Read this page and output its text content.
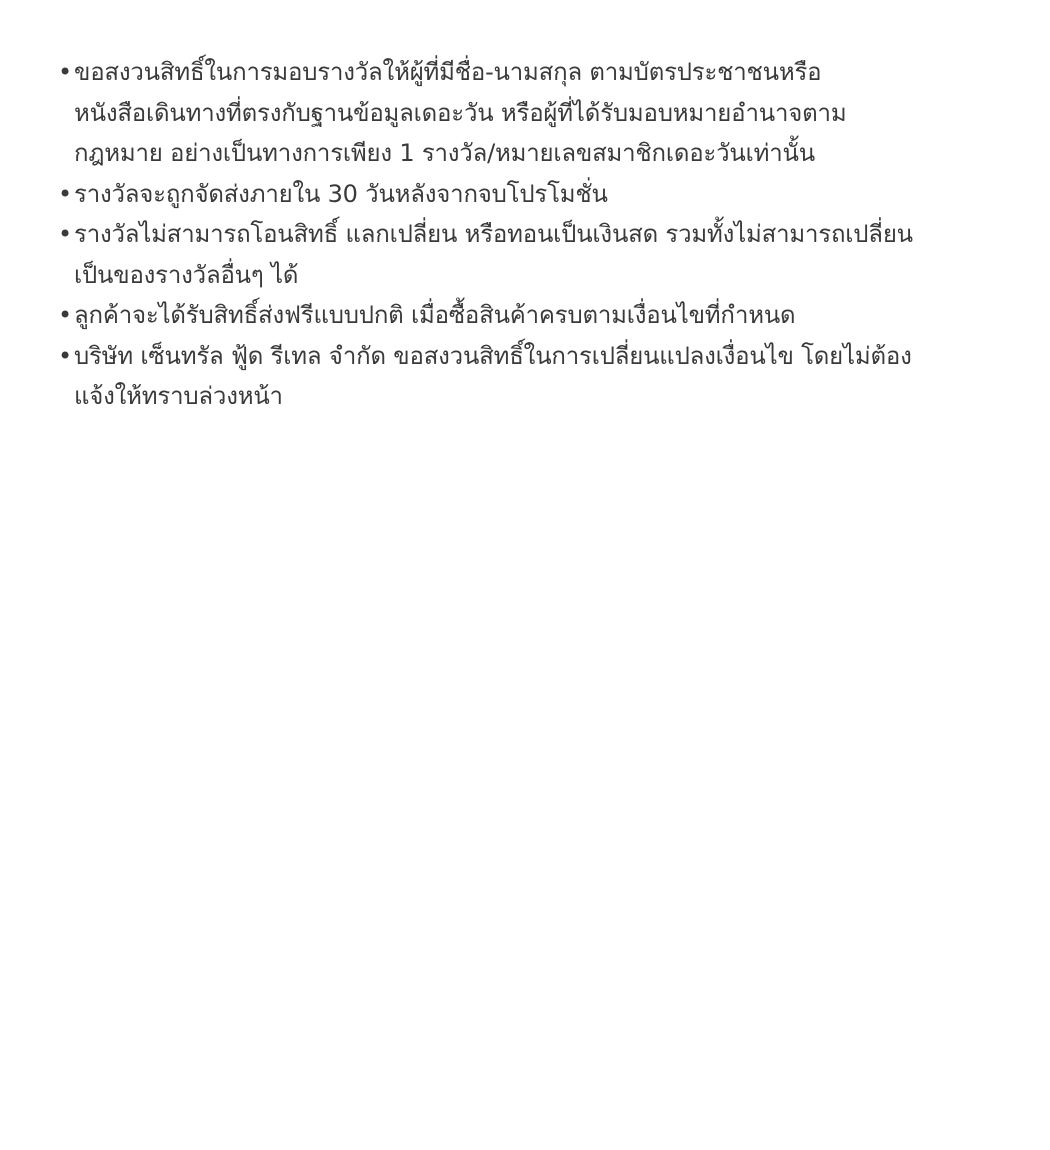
• ขอสงวนสิทธิ์ในการมอบรางวัลให้ผู้ที่มีชื่อ-นามสกุล ตามบัตรประชาชนหรือ
หนังสือเดินทางที่ตรงกับฐานข้อมูลเดอะวัน หรือผู้ที่ได้รับมอบหมายอำนาจตาม
กฎหมาย อย่างเป็นทางการเพียง 1 รางวัล/หมายเลขสมาชิกเดอะวันเท่านั้น
• รางวัลจะถูกจัดส่งภายใน 30 วันหลังจากจบโปรโมชั่น
• รางวัลไม่สามารถโอนสิทธิ์ แลกเปลี่ยน หรือทอนเป็นเงินสด รวมทั้งไม่สามารถเปลี่ยน
เป็นของรางวัลอื่นๆ ได้
• ลูกค้าจะได้รับสิทธิ์ส่งฟรีแบบปกติ เมื่อซื้อสินค้าครบตามเงื่อนไขที่กำหนด
• บริษัท เซ็นทรัล ฟู้ด รีเทล จำกัด ขอสงวนสิทธิ์ในการเปลี่ยนแปลงเงื่อนไข โดยไม่ต้อง
แจ้งให้ทราบล่วงหน้า
